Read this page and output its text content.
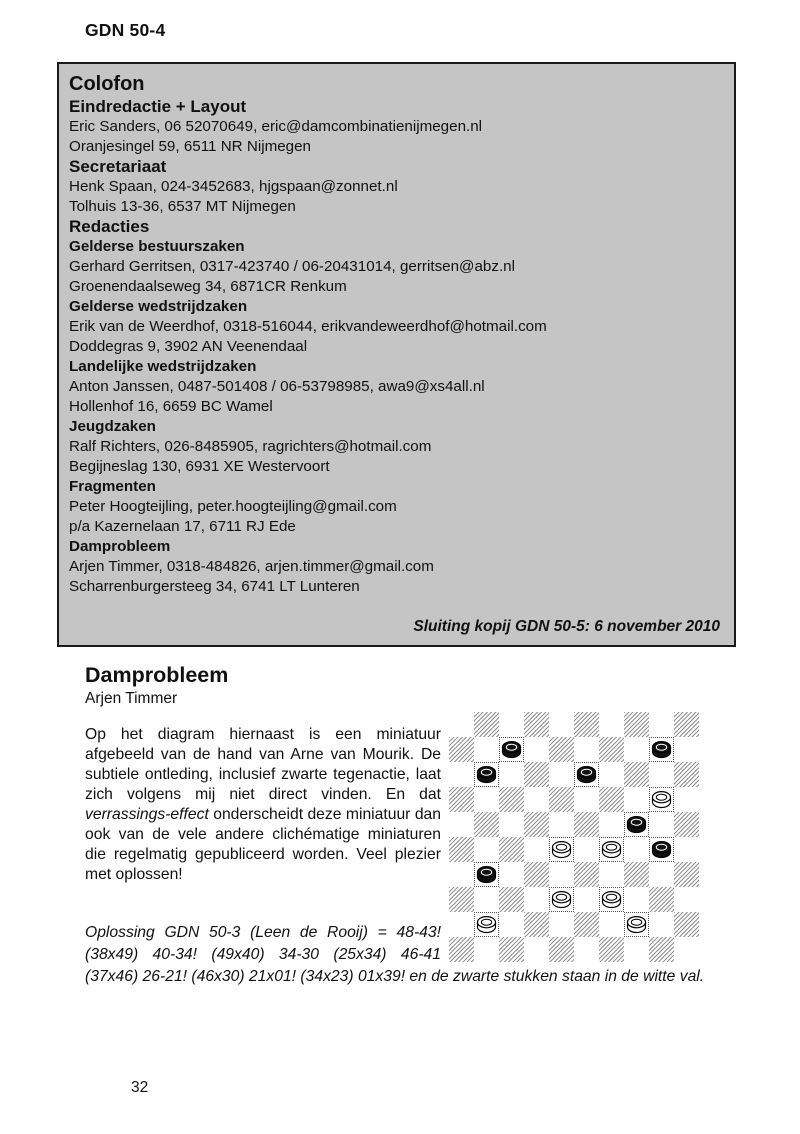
GDN 50-4
Colofon
Eindredactie + Layout
Eric Sanders, 06 52070649, eric@damcombinatienijmegen.nl
Oranjesingel 59, 6511 NR Nijmegen
Secretariaat
Henk Spaan, 024-3452683, hjgspaan@zonnet.nl
Tolhuis 13-36, 6537 MT Nijmegen
Redacties
Gelderse bestuurszaken
Gerhard Gerritsen, 0317-423740 / 06-20431014, gerritsen@abz.nl
Groenendaalseweg 34, 6871CR Renkum
Gelderse wedstrijdzaken
Erik van de Weerdhof, 0318-516044, erikvandeweerdhof@hotmail.com
Doddegras 9, 3902 AN Veenendaal
Landelijke wedstrijdzaken
Anton Janssen, 0487-501408 / 06-53798985, awa9@xs4all.nl
Hollenhof 16, 6659 BC Wamel
Jeugdzaken
Ralf Richters, 026-8485905, ragrichters@hotmail.com
Begijneslag 130, 6931 XE Westervoort
Fragmenten
Peter Hoogteijling, peter.hoogteijling@gmail.com
p/a Kazernelaan 17, 6711 RJ Ede
Damprobleem
Arjen Timmer, 0318-484826, arjen.timmer@gmail.com
Scharrenburgersteeg 34, 6741 LT Lunteren
Sluiting kopij GDN 50-5: 6 november 2010
Damprobleem
Arjen Timmer

Op het diagram hiernaast is een miniatuur afgebeeld van de hand van Arne van Mourik. De subtiele ontleding, inclusief zwarte tegenactie, laat zich volgens mij niet direct vinden. En dat verrassings-effect onderscheidt deze miniatuur dan ook van de vele andere clichématige miniaturen die regelmatig gepubliceerd worden. Veel plezier met oplossen!

Oplossing GDN 50-3 (Leen de Rooij) = 48-43! (38x49) 40-34! (49x40) 34-30 (25x34) 46-41 (37x46) 26-21! (46x30) 21x01! (34x23) 01x39! en de zwarte stukken staan in de witte val.

32
